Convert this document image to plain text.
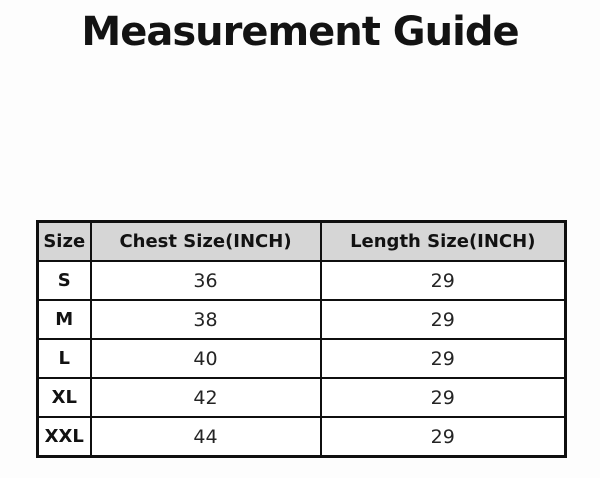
Measurement Guide
Size	Chest Size(INCH)	Length Size(INCH)
S	36	29
M	38	29
L	40	29
XL	42	29
XXL	44	29
